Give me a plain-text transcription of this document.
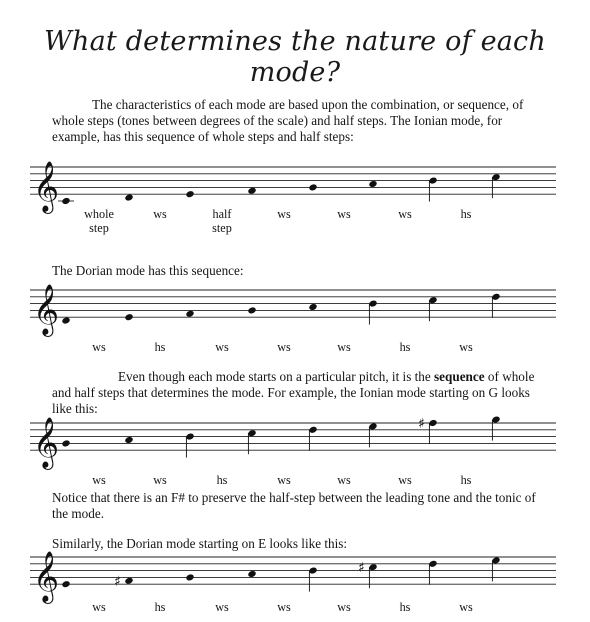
What determines the nature of each mode?
The characteristics of each mode are based upon the combination, or sequence, of whole steps (tones between degrees of the scale) and half steps. The Ionian mode, for example, has this sequence of whole steps and half steps:
The Dorian mode has this sequence:
Even though each mode starts on a particular pitch, it is the sequence of whole and half steps that determines the mode. For example, the Ionian mode starting on G looks like this:
Notice that there is an F# to preserve the half-step between the leading tone and the tonic of the mode.
Similarly, the Dorian mode starting on E looks like this:
𝄞
𝄞
𝄞	♯
𝄞	♯
♯
whole
step
ws	half
step
ws	ws	ws	hs
ws	hs	ws	ws	ws	hs	ws
ws	ws	hs	ws	ws	ws	hs
ws	hs	ws	ws	ws	hs	ws
